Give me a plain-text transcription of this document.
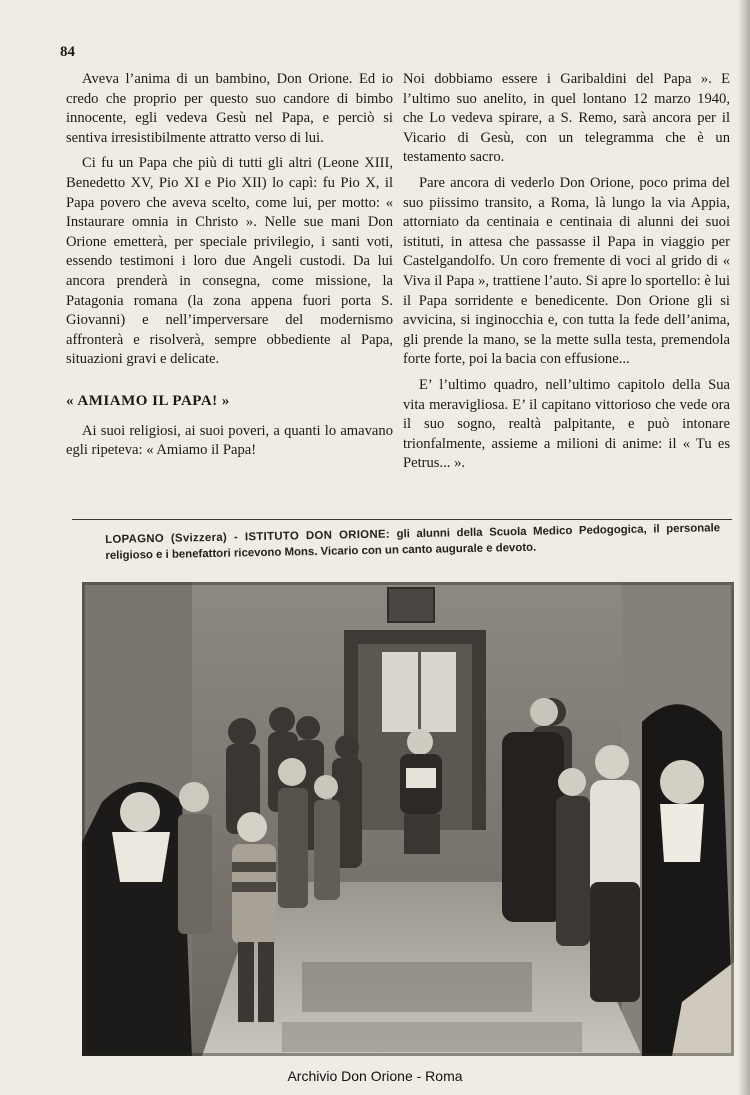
84

Aveva l’anima di un bambino, Don Orione. Ed io credo che proprio per questo suo candore di bimbo innocente, egli vedeva Gesù nel Papa, e perciò si sentiva irresistibilmente attratto verso di lui.

Ci fu un Papa che più di tutti gli altri (Leone XIII, Benedetto XV, Pio XI e Pio XII) lo capì: fu Pio X, il Papa povero che aveva scelto, come lui, per motto: « Instaurare omnia in Christo ». Nelle sue mani Don Orione emetterà, per speciale privilegio, i santi voti, essendo testimoni i loro due Angeli custodi. Da lui ancora prenderà in consegna, come missione, la Patagonia romana (la zona appena fuori porta S. Giovanni) e nell’imperversare del modernismo affronterà e risolverà, sempre obbediente al Papa, situazioni gravi e delicate.

« AMIAMO IL PAPA! »

Ai suoi religiosi, ai suoi poveri, a quanti lo amavano egli ripeteva: « Amiamo il Papa!

Noi dobbiamo essere i Garibaldini del Papa ». E l’ultimo suo anelito, in quel lontano 12 marzo 1940, che Lo vedeva spirare, a S. Remo, sarà ancora per il Vicario di Gesù, con un telegramma che è un testamento sacro.

Pare ancora di vederlo Don Orione, poco prima del suo piissimo transito, a Roma, là lungo la via Appia, attorniato da centinaia e centinaia di alunni dei suoi istituti, in attesa che passasse il Papa in viaggio per Castelgandolfo. Un coro fremente di voci al grido di « Viva il Papa », trattiene l’auto. Si apre lo sportello: è lui il Papa sorridente e benedicente. Don Orione gli si avvicina, si inginocchia e, con tutta la fede dell’anima, gli prende la mano, se la mette sulla testa, premendola forte forte, poi la bacia con effusione...

E’ l’ultimo quadro, nell’ultimo capitolo della Sua vita meravigliosa. E’ il capitano vittorioso che vede ora il suo sogno, realtà palpitante, e può intonare trionfalmente, assieme a milioni di anime: il « Tu es Petrus... ».

LOPAGNO (Svizzera) - ISTITUTO DON ORIONE: gli alunni della Scuola Medico Pedogogica, il personale religioso e i benefattori ricevono Mons. Vicario con un canto augurale e devoto.
Archivio Don Orione - Roma
